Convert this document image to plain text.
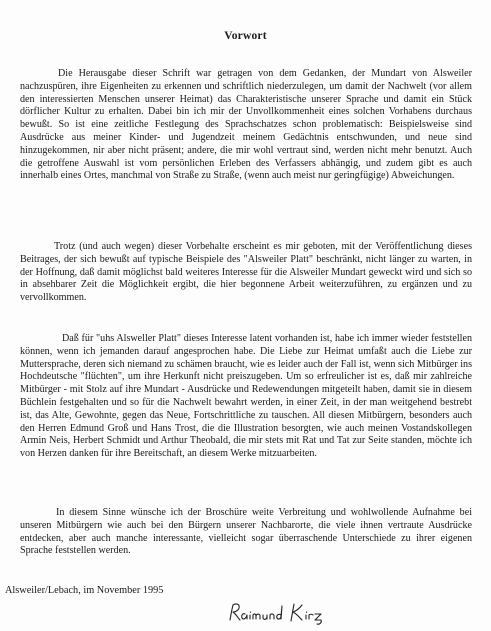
Vorwort

Die Herausgabe dieser Schrift war getragen von dem Gedanken, der Mundart von Alsweiler nachzuspüren, ihre Eigenheiten zu erkennen und schriftlich niederzulegen, um damit der Nachwelt (vor allem den interessierten Menschen unserer Heimat) das Charakteristische unserer Sprache und damit ein Stück dörflicher Kultur zu erhalten. Dabei bin ich mir der Unvollkommenheit eines solchen Vorhabens durchaus bewußt. So ist eine zeitliche Festlegung des Sprachschatzes schon problematisch: Beispielsweise sind Ausdrücke aus meiner Kinder- und Jugendzeit meinem Gedächtnis entschwunden, und neue sind hinzugekommen, nir aber nicht präsent; andere, die mir wohl vertraut sind, werden nicht mehr benutzt. Auch die getroffene Auswahl ist vom persönlichen Erleben des Verfassers abhängig, und zudem gibt es auch innerhalb eines Ortes, manchmal von Straße zu Straße, (wenn auch meist nur geringfügige) Abweichungen.

Trotz (und auch wegen) dieser Vorbehalte erscheint es mir geboten, mit der Veröffentlichung dieses Beitrages, der sich bewußt auf typische Beispiele des "Alsweiler Platt" beschränkt, nicht länger zu warten, in der Hoffnung, daß damit möglichst bald weiteres Interesse für die Alsweiler Mundart geweckt wird und sich so in absehbarer Zeit die Möglichkeit ergibt, die hier begonnene Arbeit weiterzuführen, zu ergänzen und zu vervollkommen.

Daß für "uhs Alsweller Platt" dieses Interesse latent vorhanden ist, habe ich immer wieder feststellen können, wenn ich jemanden darauf angesprochen habe. Die Liebe zur Heimat umfaßt auch die Liebe zur Muttersprache, deren sich niemand zu schämen braucht, wie es leider auch der Fall ist, wenn sich Mitbürger ins Hochdeutsche "flüchten", um ihre Herkunft nicht preiszugeben. Um so erfreulicher ist es, daß mir zahlreiche Mitbürger - mit Stolz auf ihre Mundart - Ausdrücke und Redewendungen mitgeteilt haben, damit sie in diesem Büchlein festgehalten und so für die Nachwelt bewahrt werden, in einer Zeit, in der man weitgehend bestrebt ist, das Alte, Gewohnte, gegen das Neue, Fortschrittliche zu tauschen. All diesen Mitbürgern, besonders auch den Herren Edmund Groß und Hans Trost, die die Illustration besorgten, wie auch meinen Vostandskollegen Armin Neis, Herbert Schmidt und Arthur Theobald, die mir stets mit Rat und Tat zur Seite standen, möchte ich von Herzen danken für ihre Bereitschaft, an diesem Werke mitzuarbeiten.

In diesem Sinne wünsche ich der Broschüre weite Verbreitung und wohlwollende Aufnahme bei unseren Mitbürgern wie auch bei den Bürgern unserer Nachbarorte, die viele ihnen vertraute Ausdrücke entdecken, aber auch manche interessante, vielleicht sogar überraschende Unterschiede zu ihrer eigenen Sprache feststellen werden.

Alsweiler/Lebach, im November 1995
